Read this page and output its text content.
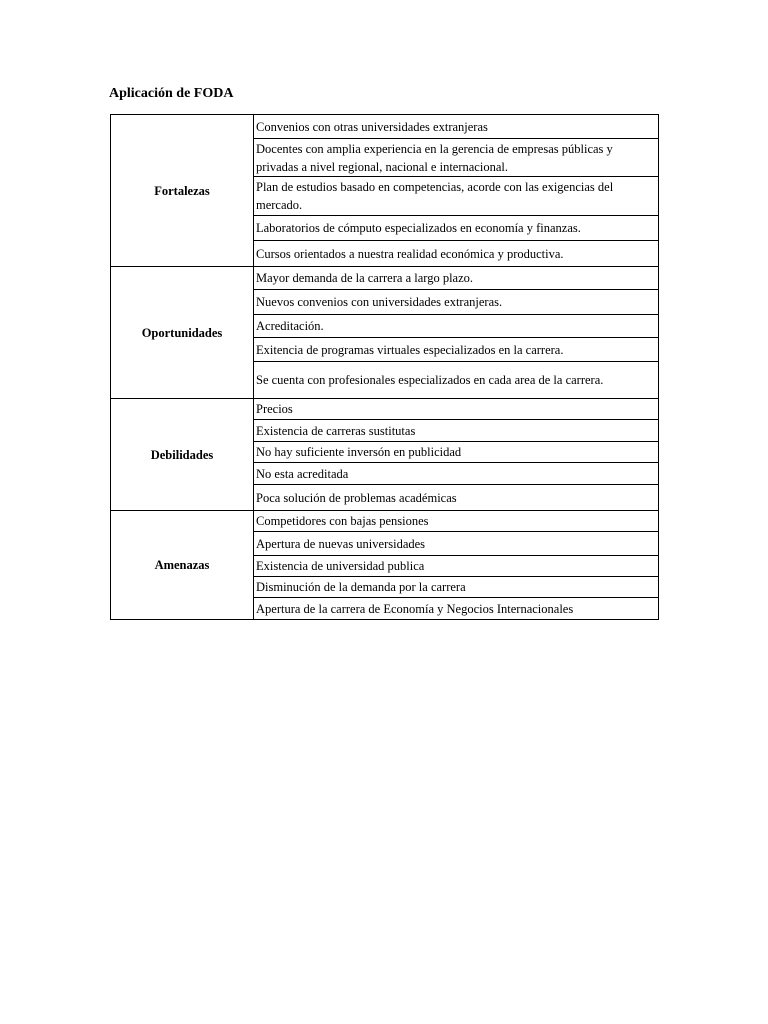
Aplicación de FODA
Fortalezas	Convenios con otras universidades extranjeras
	Docentes con amplia experiencia en la gerencia de empresas públicas y privadas a nivel regional, nacional e internacional.
	Plan de estudios basado en competencias, acorde con las exigencias del mercado.
	Laboratorios de cómputo especializados en economía y finanzas.
	Cursos orientados a nuestra realidad económica y productiva.
Oportunidades	Mayor demanda de la carrera a largo plazo.
	Nuevos convenios con universidades extranjeras.
	Acreditación.
	Exitencia de programas virtuales especializados en la carrera.
	Se cuenta con profesionales especializados en cada area de la carrera.
Debilidades	Precios
	Existencia de carreras sustitutas
	No hay suficiente inversón en publicidad
	No esta acreditada
	Poca solución de problemas académicas
Amenazas	Competidores con bajas pensiones
	Apertura de nuevas universidades
	Existencia de universidad publica
	Disminución de la demanda por la carrera
	Apertura de la carrera de Economía y Negocios Internacionales
